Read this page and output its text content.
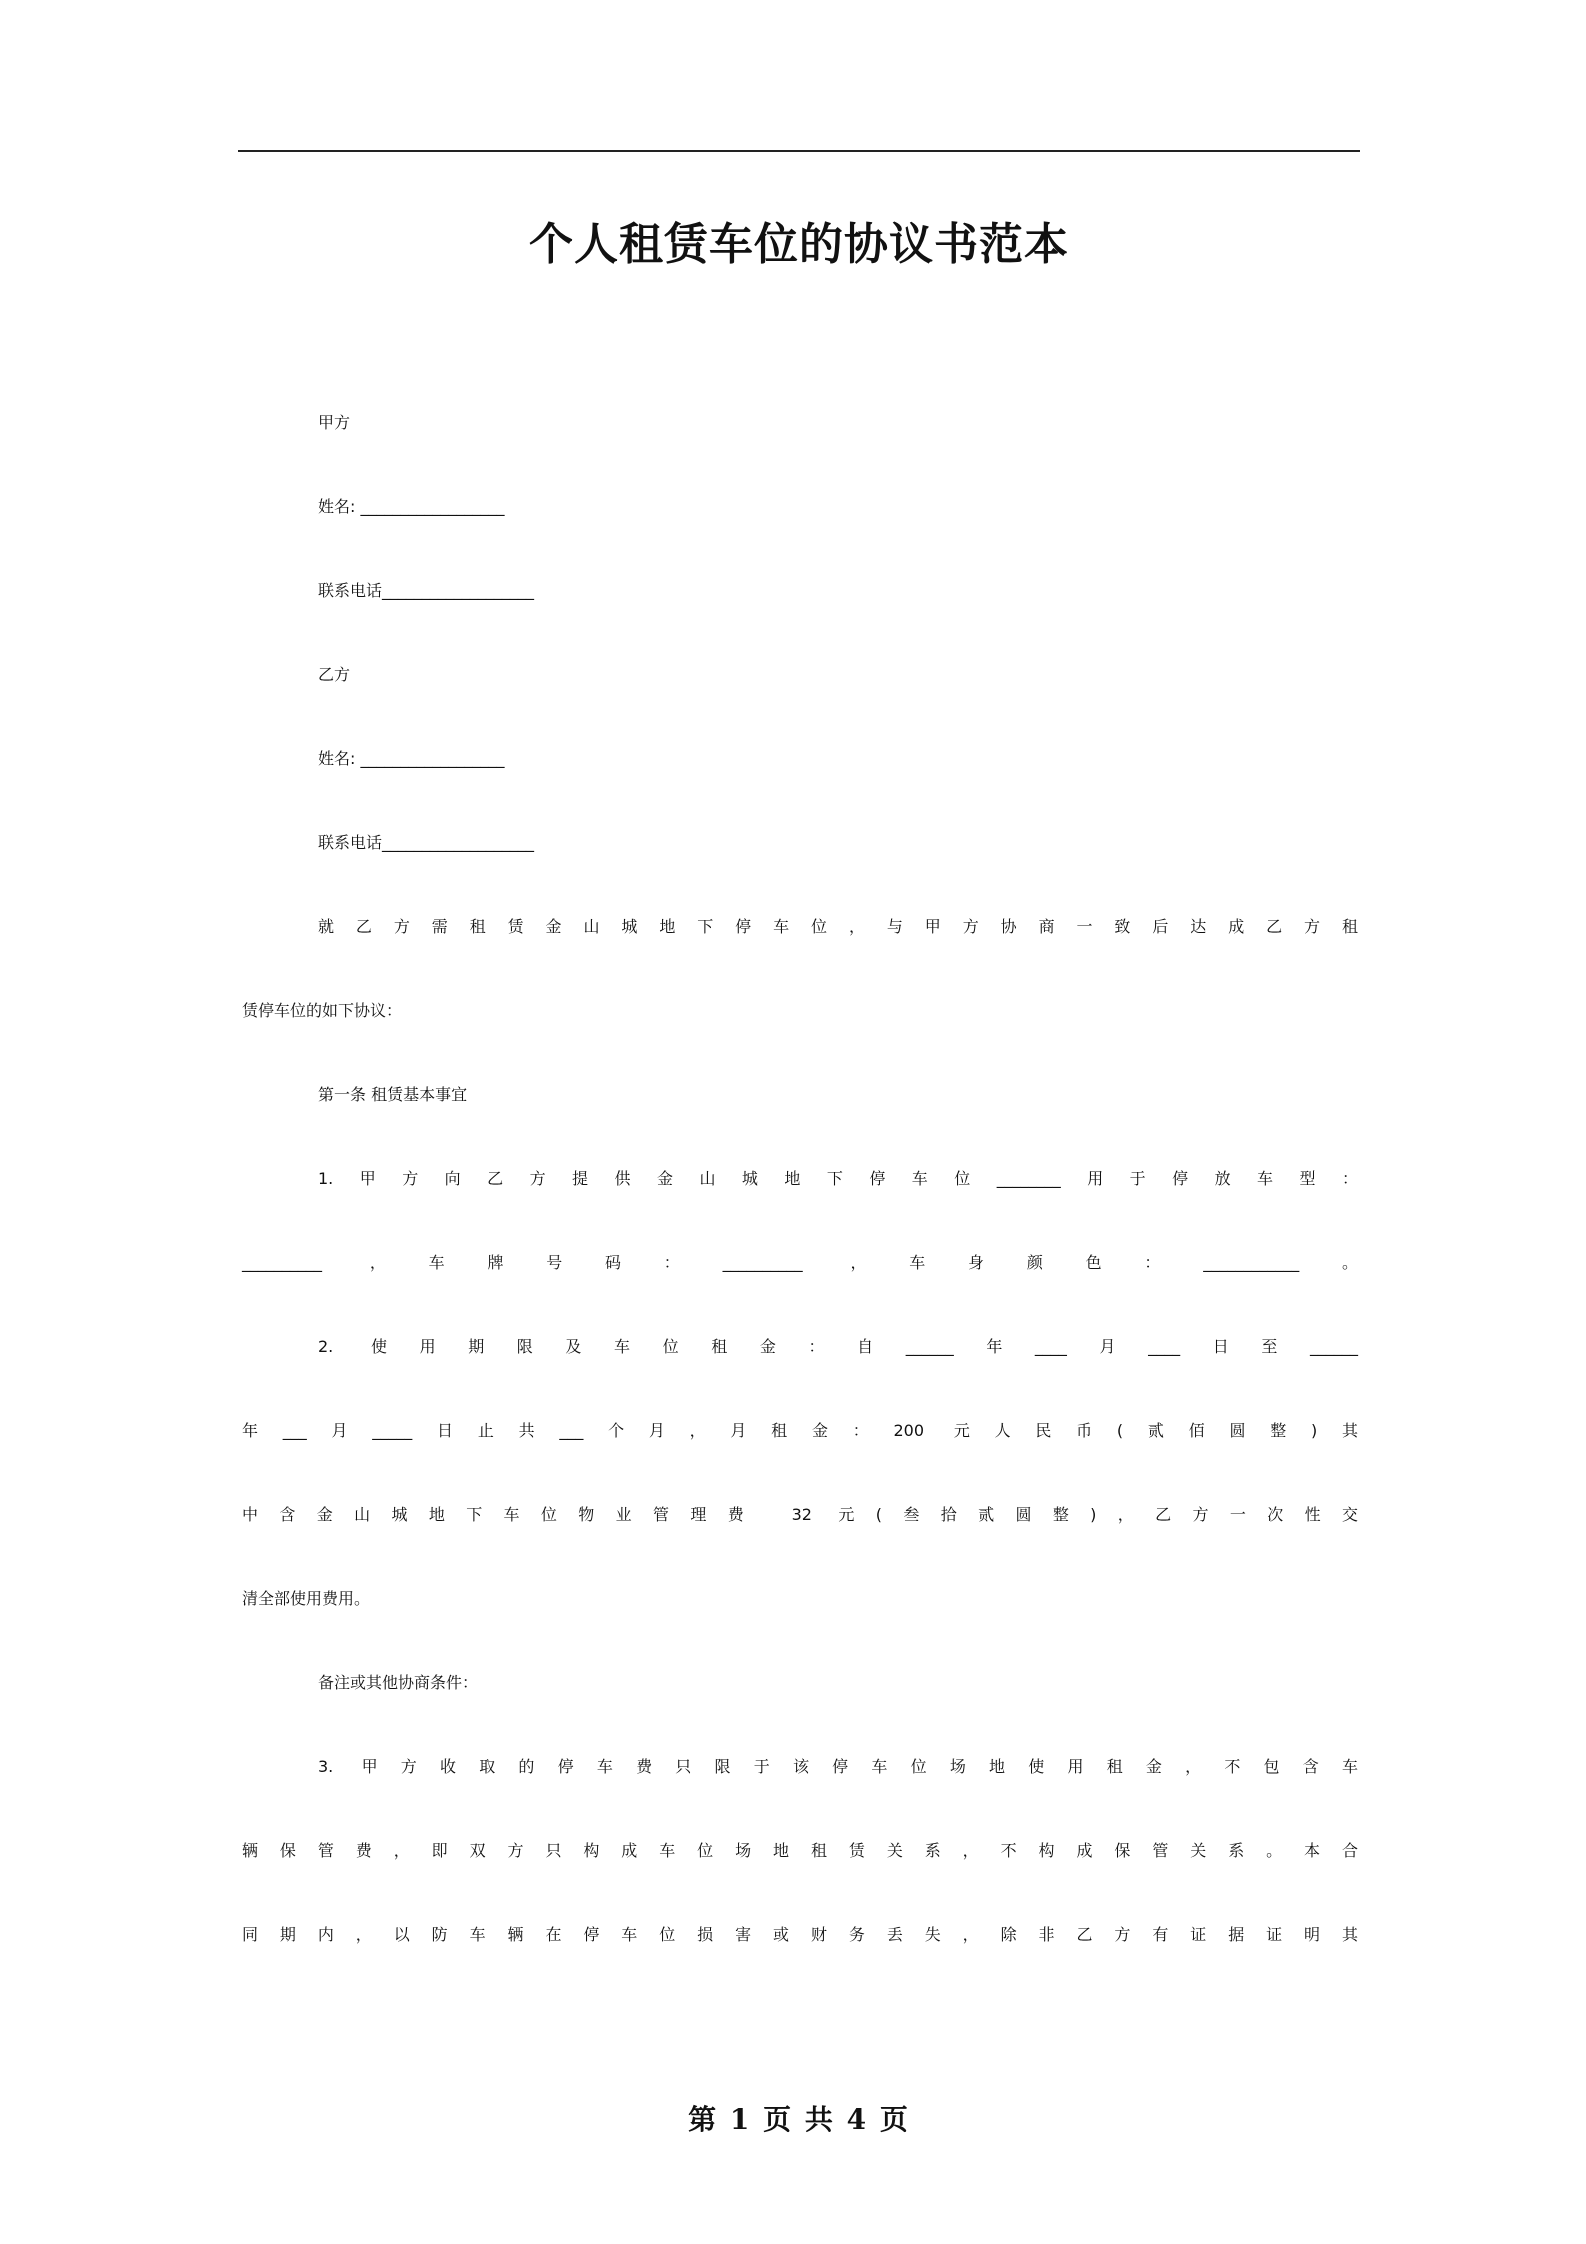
个人租赁车位的协议书范本
甲方
姓名: __________________
联系电话___________________
乙方
姓名: __________________
联系电话___________________
就乙方需租赁金山城地下停车位，与甲方协商一致后达成乙方租
赁停车位的如下协议：
第一条 租赁基本事宜
1.甲方向乙方提供金山城地下停车位________用于停放车型：
__________ ，车牌号码：__________ ，车身颜色：____________。
2. 使用期限及车位租金：自______年____月____日至______
年___月_____日止共___个月，月租金：200 元人民币(贰佰圆整)其
中含金山城地下车位物业管理费 32 元(叁拾贰圆整)，乙方一次性交
清全部使用费用。
备注或其他协商条件：
3. 甲方收取的停车费只限于该停车位场地使用租金，不包含车
辆保管费，即双方只构成车位场地租赁关系，不构成保管关系。本合
同期内，以防车辆在停车位损害或财务丢失，除非乙方有证据证明其
第 1 页 共 4 页
